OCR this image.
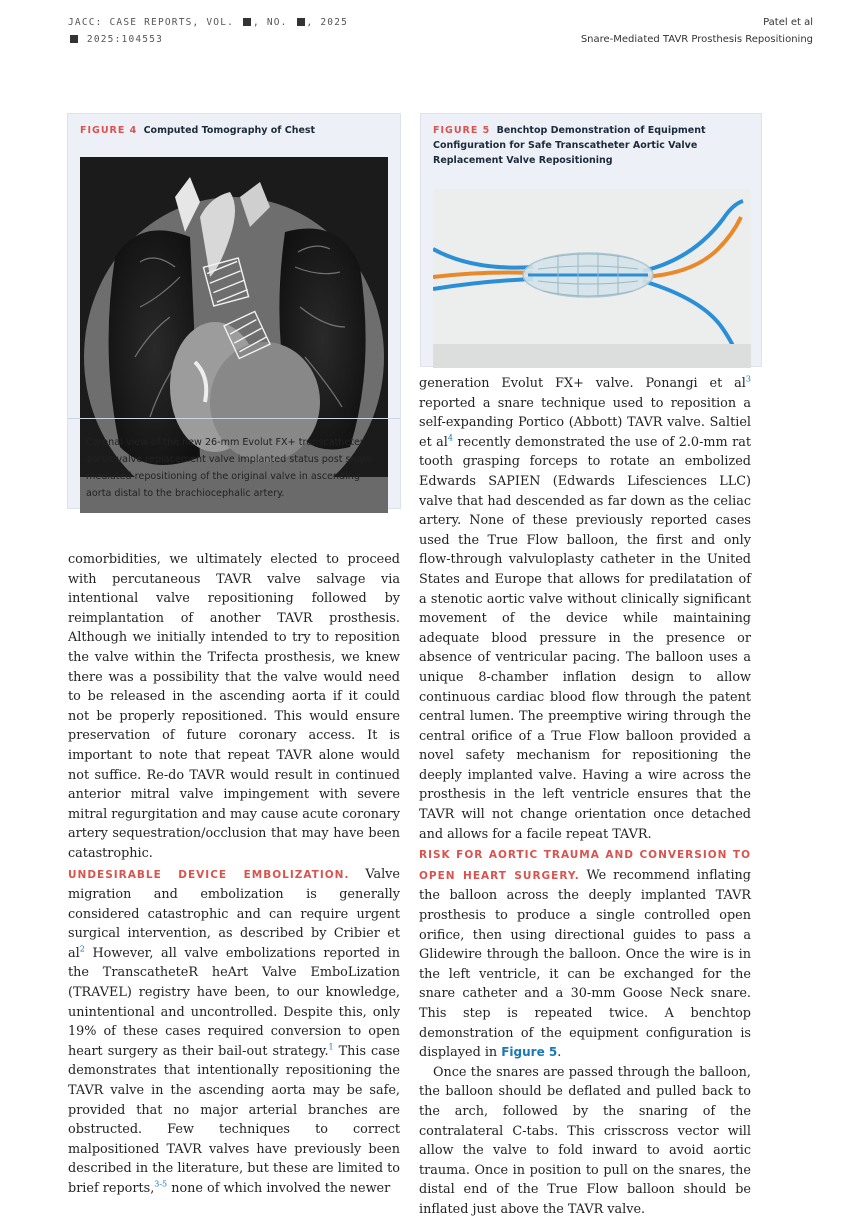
JACC: CASE REPORTS, VOL. , NO. , 2025
2025:104553
Patel et al
Snare-Mediated TAVR Prosthesis Repositioning
FIGURE 4 Computed Tomography of Chest
Coronal view of the new 26-mm Evolut FX+ transcatheter aortic valve replacement valve implanted status post snare-mediated repositioning of the original valve in ascending aorta distal to the brachiocephalic artery.
FIGURE 5 Benchtop Demonstration of Equipment Configuration for Safe Transcatheter Aortic Valve Replacement Valve Repositioning

comorbidities, we ultimately elected to proceed with percutaneous TAVR valve salvage via intentional valve repositioning followed by reimplantation of another TAVR prosthesis. Although we initially intended to try to reposition the valve within the Trifecta prosthesis, we knew there was a possibility that the valve would need to be released in the ascending aorta if it could not be properly repositioned. This would ensure preservation of future coronary access. It is important to note that repeat TAVR alone would not suffice. Re-do TAVR would result in continued anterior mitral valve impingement with severe mitral regurgitation and may cause acute coronary artery sequestration/occlusion that may have been catastrophic.

UNDESIRABLE DEVICE EMBOLIZATION. Valve migration and embolization is generally considered catastrophic and can require urgent surgical intervention, as described by Cribier et al$^2$ However, all valve embolizations reported in the TranscatheteR heArt Valve EmboLization (TRAVEL) registry have been, to our knowledge, unintentional and uncontrolled. Despite this, only 19% of these cases required conversion to open heart surgery as their bail-out strategy.$^1$ This case demonstrates that intentionally repositioning the TAVR valve in the ascending aorta may be safe, provided that no major arterial branches are obstructed. Few techniques to correct malpositioned TAVR valves have previously been described in the literature, but these are limited to brief reports,$^{3-5}$ none of which involved the newer

generation Evolut FX+ valve. Ponangi et al$^3$ reported a snare technique used to reposition a self-expanding Portico (Abbott) TAVR valve. Saltiel et al$^4$ recently demonstrated the use of 2.0-mm rat tooth grasping forceps to rotate an embolized Edwards SAPIEN (Edwards Lifesciences LLC) valve that had descended as far down as the celiac artery. None of these previously reported cases used the True Flow balloon, the first and only flow-through valvuloplasty catheter in the United States and Europe that allows for predilatation of a stenotic aortic valve without clinically significant movement of the device while maintaining adequate blood pressure in the presence or absence of ventricular pacing. The balloon uses a unique 8-chamber inflation design to allow continuous cardiac blood flow through the patent central lumen. The preemptive wiring through the central orifice of a True Flow balloon provided a novel safety mechanism for repositioning the deeply implanted valve. Having a wire across the prosthesis in the left ventricle ensures that the TAVR will not change orientation once detached and allows for a facile repeat TAVR.

RISK FOR AORTIC TRAUMA AND CONVERSION TO OPEN HEART SURGERY. We recommend inflating the balloon across the deeply implanted TAVR prosthesis to produce a single controlled open orifice, then using directional guides to pass a Glidewire through the balloon. Once the wire is in the left ventricle, it can be exchanged for the snare catheter and a 30-mm Goose Neck snare. This step is repeated twice. A benchtop demonstration of the equipment configuration is displayed in Figure 5.

Once the snares are passed through the balloon, the balloon should be deflated and pulled back to the arch, followed by the snaring of the contralateral C-tabs. This crisscross vector will allow the valve to fold inward to avoid aortic trauma. Once in position to pull on the snares, the distal end of the True Flow balloon should be inflated just above the TAVR valve.
